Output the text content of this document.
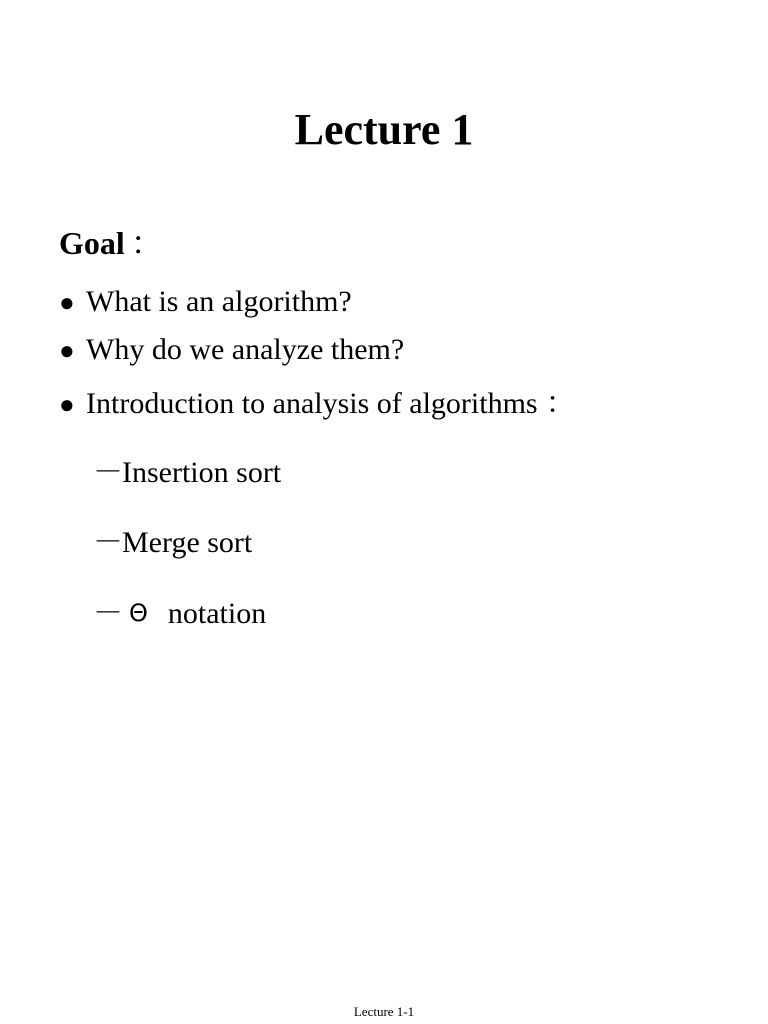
Lecture 1
Goal ：
● What is an algorithm?
● Why do we analyze them?
● Introduction to analysis of algorithms ：
－Insertion sort
－Merge sort
－ Θ notation
Lecture 1-1
